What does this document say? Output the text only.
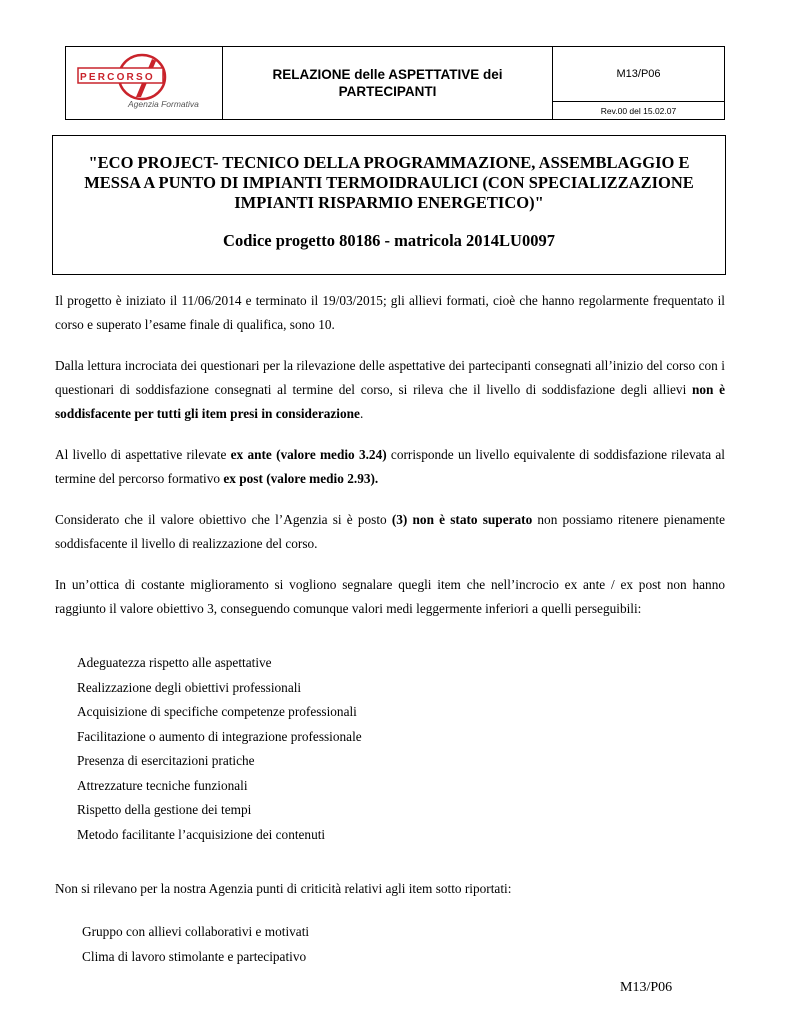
PERCORSO
Agenzia Formativa
RELAZIONE delle ASPETTATIVE dei PARTECIPANTI
M13/P06
Rev.00 del 15.02.07
"ECO PROJECT- TECNICO DELLA PROGRAMMAZIONE, ASSEMBLAGGIO E MESSA A PUNTO DI IMPIANTI TERMOIDRAULICI (CON SPECIALIZZAZIONE IMPIANTI RISPARMIO ENERGETICO)"
Codice progetto 80186 - matricola 2014LU0097

Il progetto è iniziato il 11/06/2014 e terminato il 19/03/2015; gli allievi formati, cioè che hanno regolarmente frequentato il corso e superato l’esame finale di qualifica, sono 10.

Dalla lettura incrociata dei questionari per la rilevazione delle aspettative dei partecipanti consegnati all’inizio del corso con i questionari di soddisfazione consegnati al termine del corso, si rileva che il livello di soddisfazione degli allievi non è soddisfacente per tutti gli item presi in considerazione.

Al livello di aspettative rilevate ex ante (valore medio 3.24) corrisponde un livello equivalente di soddisfazione rilevata al termine del percorso formativo ex post (valore medio 2.93).

Considerato che il valore obiettivo che l’Agenzia si è posto (3) non è stato superato non possiamo ritenere pienamente soddisfacente il livello di realizzazione del corso.

In un’ottica di costante miglioramento si vogliono segnalare quegli item che nell’incrocio ex ante / ex post non hanno raggiunto il valore obiettivo 3, conseguendo comunque valori medi leggermente inferiori a quelli perseguibili:

Adeguatezza rispetto alle aspettative
Realizzazione degli obiettivi professionali
Acquisizione di specifiche competenze professionali
Facilitazione o aumento di integrazione professionale
Presenza di esercitazioni pratiche
Attrezzature tecniche funzionali
Rispetto della gestione dei tempi
Metodo facilitante l’acquisizione dei contenuti

Non si rilevano per la nostra Agenzia punti di criticità relativi agli item sotto riportati:

Gruppo con allievi collaborativi e motivati
Clima di lavoro stimolante e partecipativo
M13/P06
